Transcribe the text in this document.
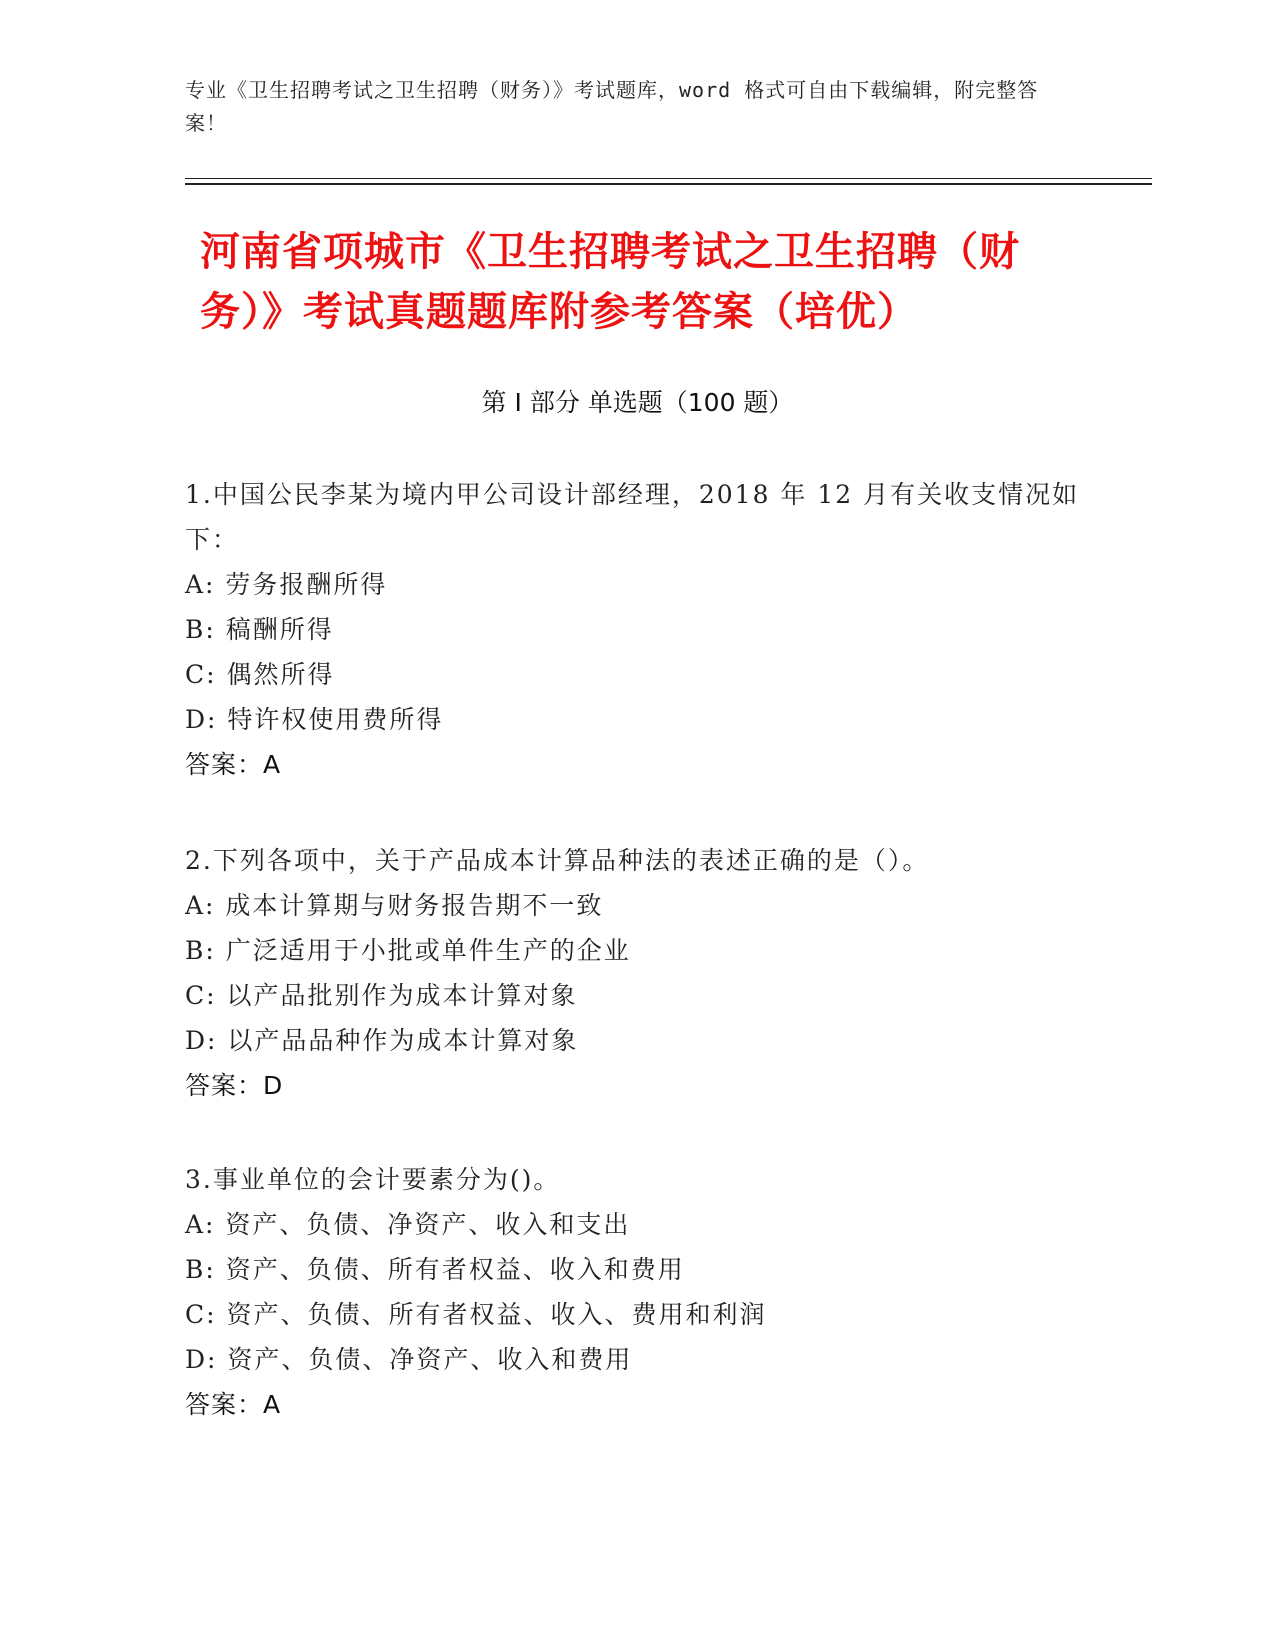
专业《卫生招聘考试之卫生招聘（财务）》考试题库，word 格式可自由下载编辑，附完整答案！
河南省项城市《卫生招聘考试之卫生招聘（财务）》考试真题题库附参考答案（培优）
第 I 部分 单选题（100 题）

1.中国公民李某为境内甲公司设计部经理，2018 年 12 月有关收支情况如下：

A: 劳务报酬所得

B: 稿酬所得

C: 偶然所得

D: 特许权使用费所得

答案：A

2.下列各项中，关于产品成本计算品种法的表述正确的是（）。

A: 成本计算期与财务报告期不一致

B: 广泛适用于小批或单件生产的企业

C: 以产品批别作为成本计算对象

D: 以产品品种作为成本计算对象

答案：D

3.事业单位的会计要素分为()。

A: 资产、负债、净资产、收入和支出

B: 资产、负债、所有者权益、收入和费用

C: 资产、负债、所有者权益、收入、费用和利润

D: 资产、负债、净资产、收入和费用

答案：A
